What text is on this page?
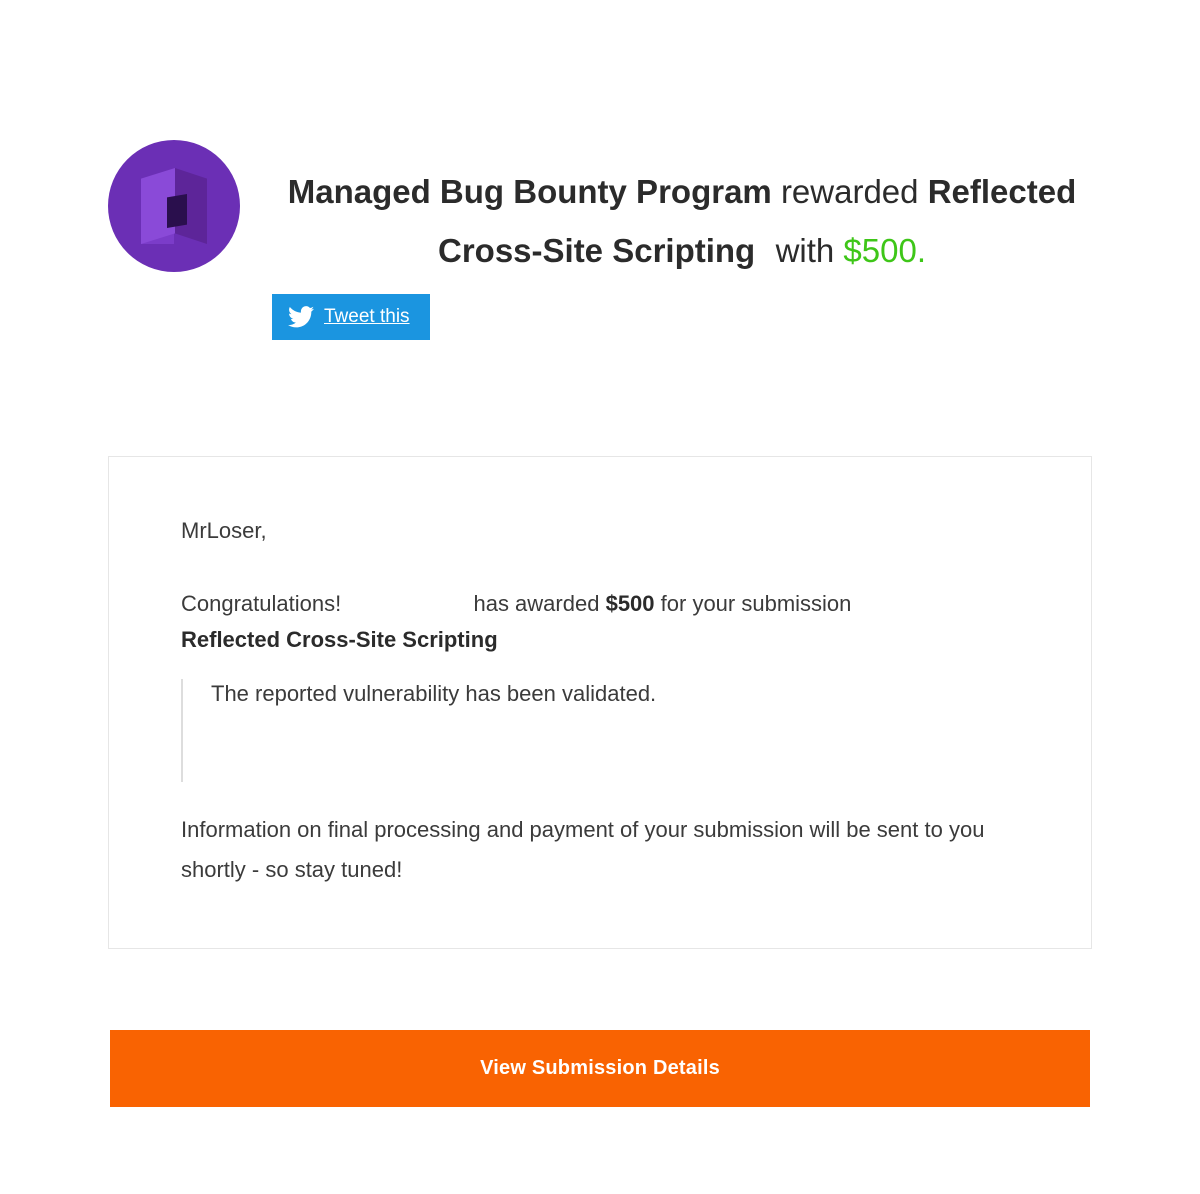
Managed Bug Bounty Program rewarded Reflected Cross-Site Scripting with $500.
Tweet this

MrLoser,

Congratulations!	has awarded $500 for your submission

Reflected Cross-Site Scripting

The reported vulnerability has been validated.

Information on final processing and payment of your submission will be sent to you shortly - so stay tuned!

View Submission Details
